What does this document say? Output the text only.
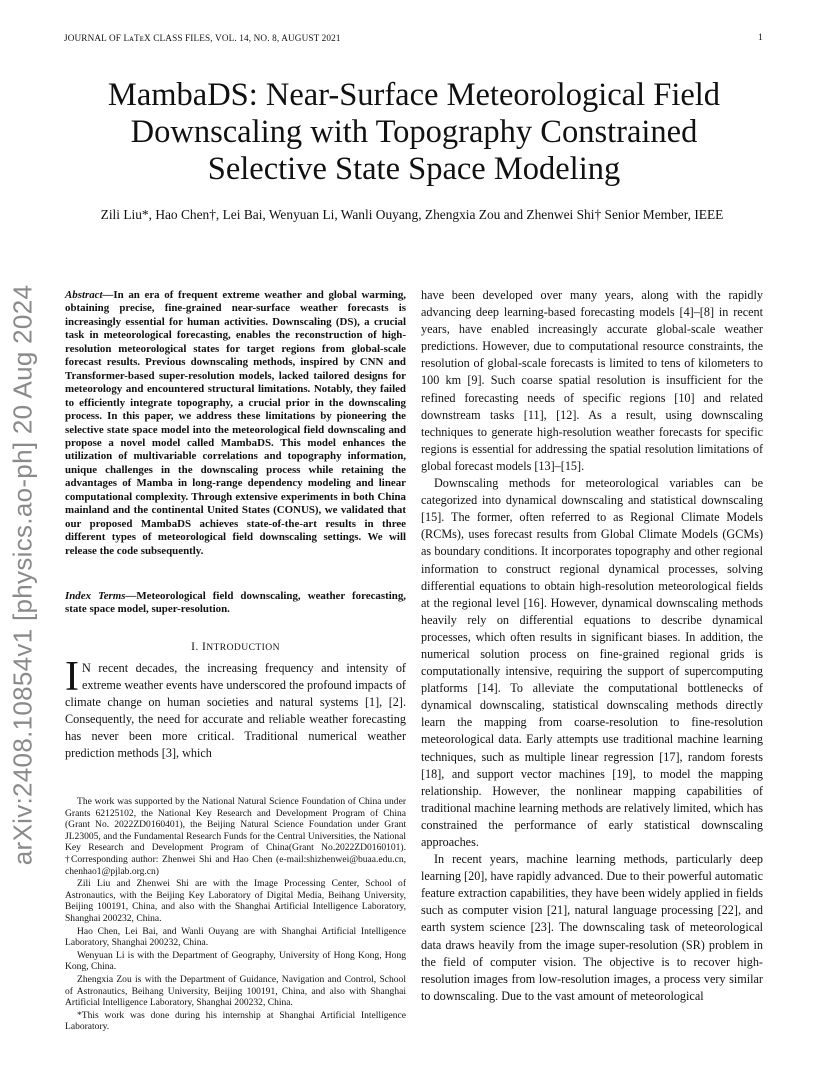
JOURNAL OF LᴀTᴇX CLASS FILES, VOL. 14, NO. 8, AUGUST 2021	1
arXiv:2408.10854v1 [physics.ao-ph] 20 Aug 2024
MambaDS: Near-Surface Meteorological Field Downscaling with Topography Constrained Selective State Space Modeling
Zili Liu*, Hao Chen†, Lei Bai, Wenyuan Li, Wanli Ouyang, Zhengxia Zou and Zhenwei Shi† Senior Member, IEEE
Abstract—In an era of frequent extreme weather and global warming, obtaining precise, fine-grained near-surface weather forecasts is increasingly essential for human activities. Downscaling (DS), a crucial task in meteorological forecasting, enables the reconstruction of high-resolution meteorological states for target regions from global-scale forecast results. Previous downscaling methods, inspired by CNN and Transformer-based super-resolution models, lacked tailored designs for meteorology and encountered structural limitations. Notably, they failed to efficiently integrate topography, a crucial prior in the downscaling process. In this paper, we address these limitations by pioneering the selective state space model into the meteorological field downscaling and propose a novel model called MambaDS. This model enhances the utilization of multivariable correlations and topography information, unique challenges in the downscaling process while retaining the advantages of Mamba in long-range dependency modeling and linear computational complexity. Through extensive experiments in both China mainland and the continental United States (CONUS), we validated that our proposed MambaDS achieves state-of-the-art results in three different types of meteorological field downscaling settings. We will release the code subsequently.
Index Terms—Meteorological field downscaling, weather forecasting, state space model, super-resolution.
I. INTRODUCTION
I N recent decades, the increasing frequency and intensity of extreme weather events have underscored the profound impacts of climate change on human societies and natural systems [1], [2]. Consequently, the need for accurate and reliable weather forecasting has never been more critical. Traditional numerical weather prediction methods [3], which

The work was supported by the National Natural Science Foundation of China under Grants 62125102, the National Key Research and Development Program of China (Grant No. 2022ZD0160401), the Beijing Natural Science Foundation under Grant JL23005, and the Fundamental Research Funds for the Central Universities, the National Key Research and Development Program of China(Grant No.2022ZD0160101). †Corresponding author: Zhenwei Shi and Hao Chen (e-mail:shizhenwei@buaa.edu.cn, chenhao1@pjlab.org.cn)

Zili Liu and Zhenwei Shi are with the Image Processing Center, School of Astronautics, with the Beijing Key Laboratory of Digital Media, Beihang University, Beijing 100191, China, and also with the Shanghai Artificial Intelligence Laboratory, Shanghai 200232, China.

Hao Chen, Lei Bai, and Wanli Ouyang are with Shanghai Artificial Intelligence Laboratory, Shanghai 200232, China.

Wenyuan Li is with the Department of Geography, University of Hong Kong, Hong Kong, China.

Zhengxia Zou is with the Department of Guidance, Navigation and Control, School of Astronautics, Beihang University, Beijing 100191, China, and also with Shanghai Artificial Intelligence Laboratory, Shanghai 200232, China.

*This work was done during his internship at Shanghai Artificial Intelligence Laboratory.

have been developed over many years, along with the rapidly advancing deep learning-based forecasting models [4]–[8] in recent years, have enabled increasingly accurate global-scale weather predictions. However, due to computational resource constraints, the resolution of global-scale forecasts is limited to tens of kilometers to 100 km [9]. Such coarse spatial resolution is insufficient for the refined forecasting needs of specific regions [10] and related downstream tasks [11], [12]. As a result, using downscaling techniques to generate high-resolution weather forecasts for specific regions is essential for addressing the spatial resolution limitations of global forecast models [13]–[15].

Downscaling methods for meteorological variables can be categorized into dynamical downscaling and statistical downscaling [15]. The former, often referred to as Regional Climate Models (RCMs), uses forecast results from Global Climate Models (GCMs) as boundary conditions. It incorporates topography and other regional information to construct regional dynamical processes, solving differential equations to obtain high-resolution meteorological fields at the regional level [16]. However, dynamical downscaling methods heavily rely on differential equations to describe dynamical processes, which often results in significant biases. In addition, the numerical solution process on fine-grained regional grids is computationally intensive, requiring the support of supercomputing platforms [14]. To alleviate the computational bottlenecks of dynamical downscaling, statistical downscaling methods directly learn the mapping from coarse-resolution to fine-resolution meteorological data. Early attempts use traditional machine learning techniques, such as multiple linear regression [17], random forests [18], and support vector machines [19], to model the mapping relationship. However, the nonlinear mapping capabilities of traditional machine learning methods are relatively limited, which has constrained the performance of early statistical downscaling approaches.

In recent years, machine learning methods, particularly deep learning [20], have rapidly advanced. Due to their powerful automatic feature extraction capabilities, they have been widely applied in fields such as computer vision [21], natural language processing [22], and earth system science [23]. The downscaling task of meteorological data draws heavily from the image super-resolution (SR) problem in the field of computer vision. The objective is to recover high-resolution images from low-resolution images, a process very similar to downscaling. Due to the vast amount of meteorological
